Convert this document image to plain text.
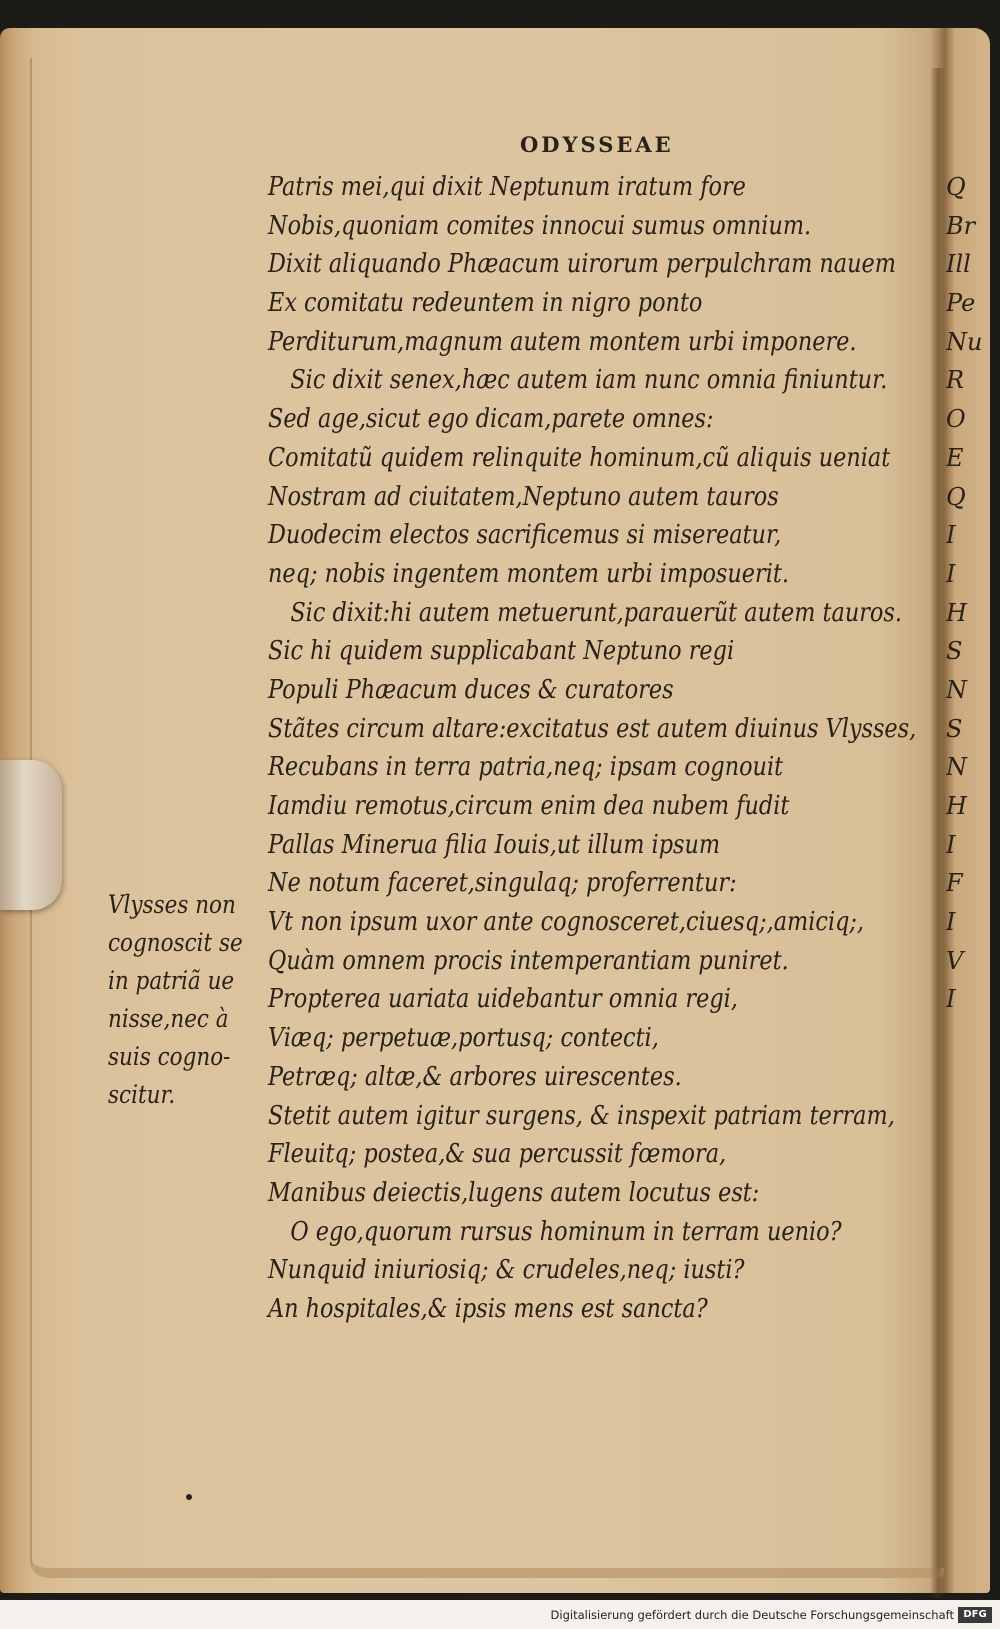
ODYSSEAE
Patris mei,qui dixit Neptunum iratum fore
Nobis,quoniam comites innocui sumus omnium.
Dixit aliquando Phæacum uirorum perpulchram nauem
Ex comitatu redeuntem in nigro ponto
Perditurum,magnum autem montem urbi imponere.
Sic dixit senex,hæc autem iam nunc omnia finiuntur.
Sed age,sicut ego dicam,parete omnes:
Comitatũ quidem relinquite hominum,cũ aliquis ueniat
Nostram ad ciuitatem,Neptuno autem tauros
Duodecim electos sacrificemus si misereatur,
neq; nobis ingentem montem urbi imposuerit.
Sic dixit:hi autem metuerunt,parauerũt autem tauros.
Sic hi quidem supplicabant Neptuno regi
Populi Phæacum duces & curatores
Stãtes circum altare:excitatus est autem diuinus Vlysses,
Recubans in terra patria,neq; ipsam cognouit
Iamdiu remotus,circum enim dea nubem fudit
Pallas Minerua filia Iouis,ut illum ipsum
Ne notum faceret,singulaq; proferrentur:
Vt non ipsum uxor ante cognosceret,ciuesq;,amiciq;,
Quàm omnem procis intemperantiam puniret.
Propterea uariata uidebantur omnia regi,
Viæq; perpetuæ,portusq; contecti,
Petræq; altæ,& arbores uirescentes.
Stetit autem igitur surgens, & inspexit patriam terram,
Fleuitq; postea,& sua percussit fœmora,
Manibus deiectis,lugens autem locutus est:
O ego,quorum rursus hominum in terram uenio?
Nunquid iniuriosiq; & crudeles,neq; iusti?
An hospitales,& ipsis mens est sancta?
Vlysses non
cognoscit se
in patriã ue
nisse,nec à
suis cogno-
scitur.
Q
Br
Ill
Pe
Nu
R
O
E
Q
I
I
H
S
N
S
N
H
I
F
I
V
I
Digitalisierung gefördert durch die Deutsche Forschungsgemeinschaft DFG
